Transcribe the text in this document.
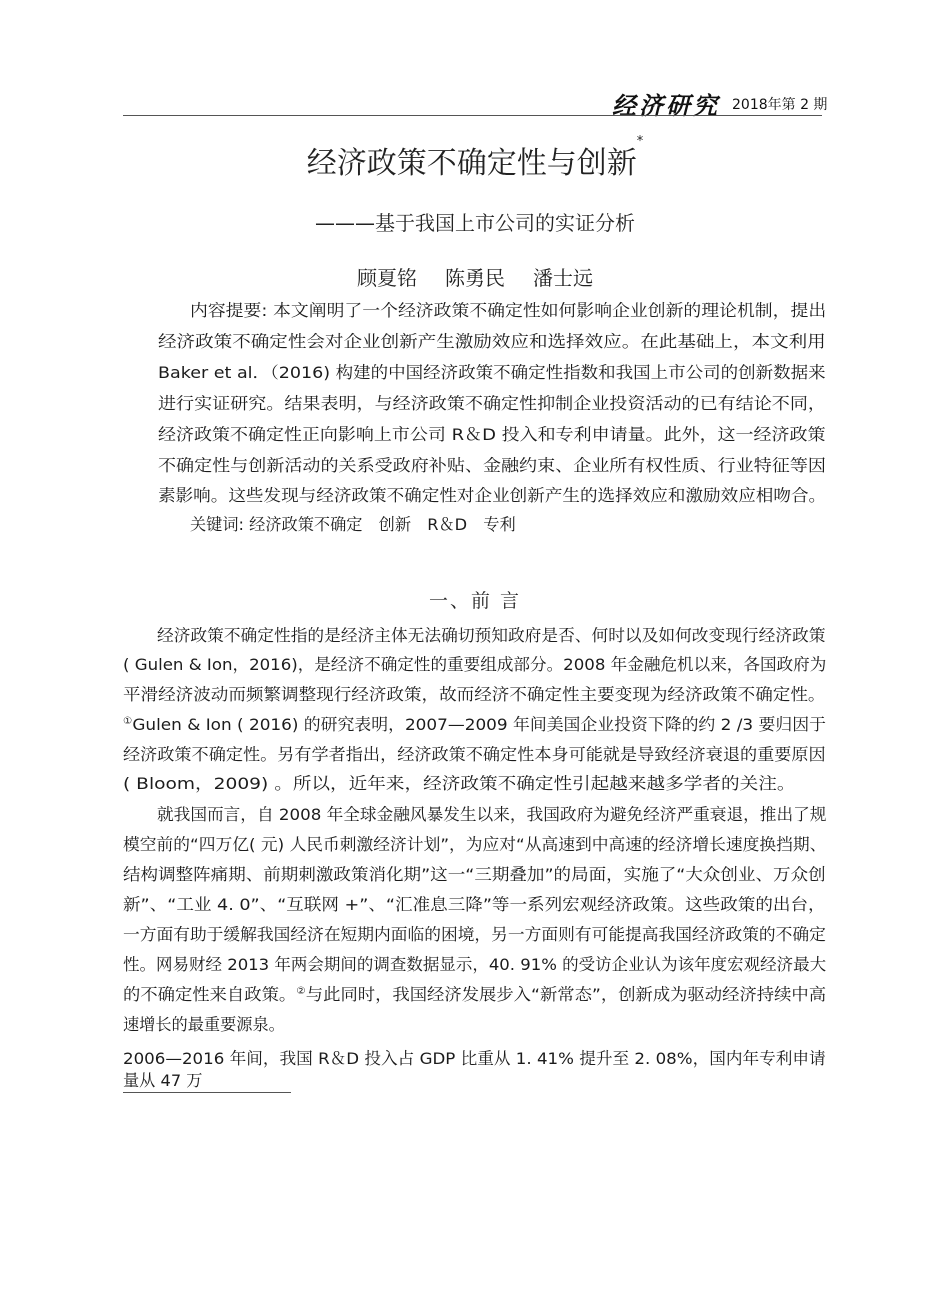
经济研究 2018年第 2 期
经济政策不确定性与创新*
———基于我国上市公司的实证分析
顾夏铭 陈勇民 潘士远
内容提要: 本文阐明了一个经济政策不确定性如何影响企业创新的理论机制，提出
经济政策不确定性会对企业创新产生激励效应和选择效应。在此基础上，本文利用
Baker et al．（2016) 构建的中国经济政策不确定性指数和我国上市公司的创新数据来
进行实证研究。结果表明，与经济政策不确定性抑制企业投资活动的已有结论不同，
经济政策不确定性正向影响上市公司 R＆D 投入和专利申请量。此外，这一经济政策
不确定性与创新活动的关系受政府补贴、金融约束、企业所有权性质、行业特征等因
素影响。这些发现与经济政策不确定性对企业创新产生的选择效应和激励效应相吻合。
关键词: 经济政策不确定　创新　R＆D　专利
一、前 言
经济政策不确定性指的是经济主体无法确切预知政府是否、何时以及如何改变现行经济政策
( Gulen & Ion，2016)，是经济不确定性的重要组成部分。2008 年金融危机以来，各国政府为
平滑经济波动而频繁调整现行经济政策，故而经济不确定性主要变现为经济政策不确定性。
①Gulen & Ion ( 2016) 的研究表明，2007—2009 年间美国企业投资下降的约 2 /3 要归因于
经济政策不确定性。另有学者指出，经济政策不确定性本身可能就是导致经济衰退的重要原因
( Bloom，2009) 。所以，近年来，经济政策不确定性引起越来越多学者的关注。
就我国而言，自 2008 年全球金融风暴发生以来，我国政府为避免经济严重衰退，推出了规
模空前的“四万亿( 元) 人民币刺激经济计划”，为应对“从高速到中高速的经济增长速度换挡期、
结构调整阵痛期、前期刺激政策消化期”这一“三期叠加”的局面，实施了“大众创业、万众创
新”、“工业 4. 0”、“互联网 +”、“汇准息三降”等一系列宏观经济政策。这些政策的出台，
一方面有助于缓解我国经济在短期内面临的困境，另一方面则有可能提高我国经济政策的不确定
性。网易财经 2013 年两会期间的调查数据显示，40. 91% 的受访企业认为该年度宏观经济最大
的不确定性来自政策。②与此同时，我国经济发展步入“新常态”，创新成为驱动经济持续中高
速增长的最重要源泉。
2006—2016 年间，我国 R＆D 投入占 GDP 比重从 1. 41% 提升至 2. 08%，国内年专利申请
量从 47 万
